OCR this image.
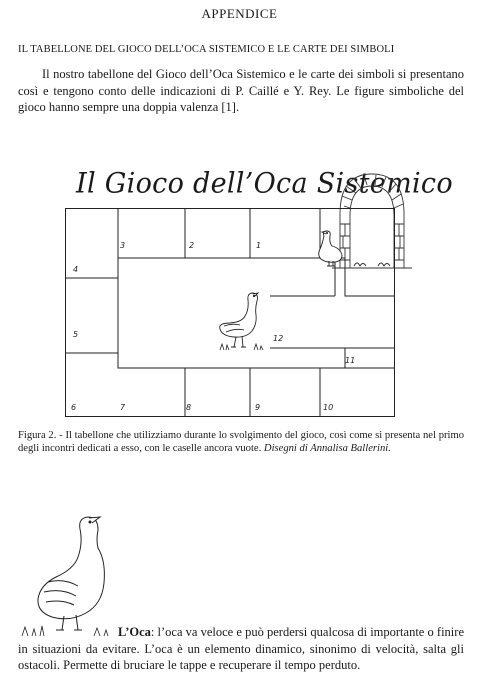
APPENDICE
IL TABELLONE DEL GIOCO DELL’OCA SISTEMICO E LE CARTE DEI SIMBOLI

Il nostro tabellone del Gioco dell’Oca Sistemico e le carte dei simboli si presentano così e tengono conto delle indicazioni di P. Caillé e Y. Rey. Le figure simboliche del gioco hanno sempre una doppia valenza [1].

Il Gioco dell’Oca Sistemico
1
2
3
4
5
6	7	8	9	10
11
12

Figura 2. - Il tabellone che utilizziamo durante lo svolgimento del gioco, così come si presenta nel primo degli incontri dedicati a esso, con le caselle ancora vuote. Disegni di Annalisa Ballerini.

L’Oca: l’oca va veloce e può perdersi qualcosa di importante o finire in situazioni da evitare. L’oca è un elemento dinamico, sinonimo di velocità, salta gli ostacoli. Permette di bruciare le tappe e recuperare il tempo perduto.
